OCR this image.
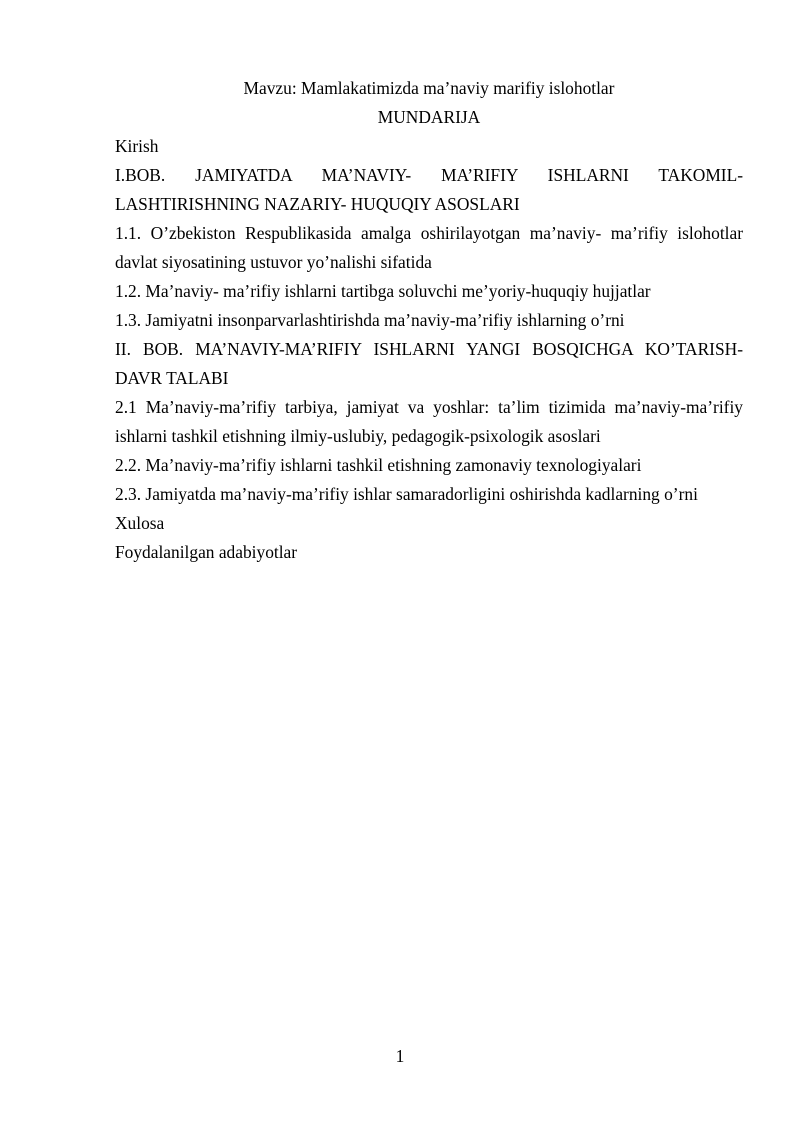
Mavzu: Mamlakatimizda ma’naviy marifiy islohotlar

MUNDARIJA

Kirish

I.BOB. JAMIYATDA MA’NAVIY- MA’RIFIY ISHLARNI TAKOMIL-LASHTIRISHNING NAZARIY- HUQUQIY ASOSLARI

1.1. O’zbekiston Respublikasida amalga oshirilayotgan ma’naviy- ma’rifiy islohotlar davlat siyosatining ustuvor yo’nalishi sifatida

1.2. Ma’naviy- ma’rifiy ishlarni tartibga soluvchi me’yoriy-huquqiy hujjatlar

1.3. Jamiyatni insonparvarlashtirishda ma’naviy-ma’rifiy ishlarning o’rni

II. BOB. MA’NAVIY-MA’RIFIY ISHLARNI YANGI BOSQICHGA KO’TARISH- DAVR TALABI

2.1 Ma’naviy-ma’rifiy tarbiya, jamiyat va yoshlar: ta’lim tizimida ma’naviy-ma’rifiy ishlarni tashkil etishning ilmiy-uslubiy, pedagogik-psixologik asoslari

2.2. Ma’naviy-ma’rifiy ishlarni tashkil etishning zamonaviy texnologiyalari

2.3. Jamiyatda ma’naviy-ma’rifiy ishlar samaradorligini oshirishda kadlarning o’rni

Xulosa

Foydalanilgan adabiyotlar

1
